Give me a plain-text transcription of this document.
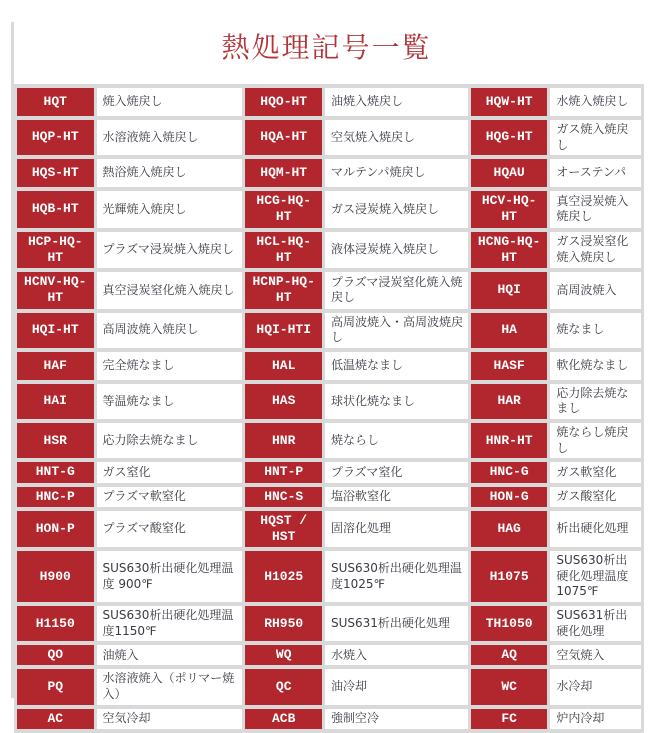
熱処理記号一覧
HQT	焼入焼戻し	HQO-HT	油焼入焼戻し	HQW-HT	水焼入焼戻し
HQP-HT	水溶液焼入焼戻し	HQA-HT	空気焼入焼戻し	HQG-HT	ガス焼入焼戻し
HQS-HT	熱浴焼入焼戻し	HQM-HT	マルテンパ焼戻し	HQAU	オーステンパ
HQB-HT	光輝焼入焼戻し	HCG-HQ-HT	ガス浸炭焼入焼戻し	HCV-HQ-HT	真空浸炭焼入焼戻し
HCP-HQ-HT	プラズマ浸炭焼入焼戻し	HCL-HQ-HT	液体浸炭焼入焼戻し	HCNG-HQ-HT	ガス浸炭窒化焼入焼戻し
HCNV-HQ-HT	真空浸炭窒化焼入焼戻し	HCNP-HQ-HT	プラズマ浸炭窒化焼入焼戻し	HQI	高周波焼入
HQI-HT	高周波焼入焼戻し	HQI-HTI	高周波焼入・高周波焼戻し	HA	焼なまし
HAF	完全焼なまし	HAL	低温焼なまし	HASF	軟化焼なまし
HAI	等温焼なまし	HAS	球状化焼なまし	HAR	応力除去焼なまし
HSR	応力除去焼なまし	HNR	焼ならし	HNR-HT	焼ならし焼戻し
HNT-G	ガス窒化	HNT-P	プラズマ窒化	HNC-G	ガス軟窒化
HNC-P	プラズマ軟窒化	HNC-S	塩浴軟窒化	HON-G	ガス酸窒化
HON-P	プラズマ酸窒化	HQST / HST	固溶化処理	HAG	析出硬化処理
H900	SUS630析出硬化処理温度 900℉	H1025	SUS630析出硬化処理温度1025℉	H1075	SUS630析出硬化処理温度1075℉
H1150	SUS630析出硬化処理温度1150℉	RH950	SUS631析出硬化処理	TH1050	SUS631析出硬化処理
QO	油焼入	WQ	水焼入	AQ	空気焼入
PQ	水溶液焼入（ポリマー焼入）	QC	油冷却	WC	水冷却
AC	空気冷却	ACB	強制空冷	FC	炉内冷却
